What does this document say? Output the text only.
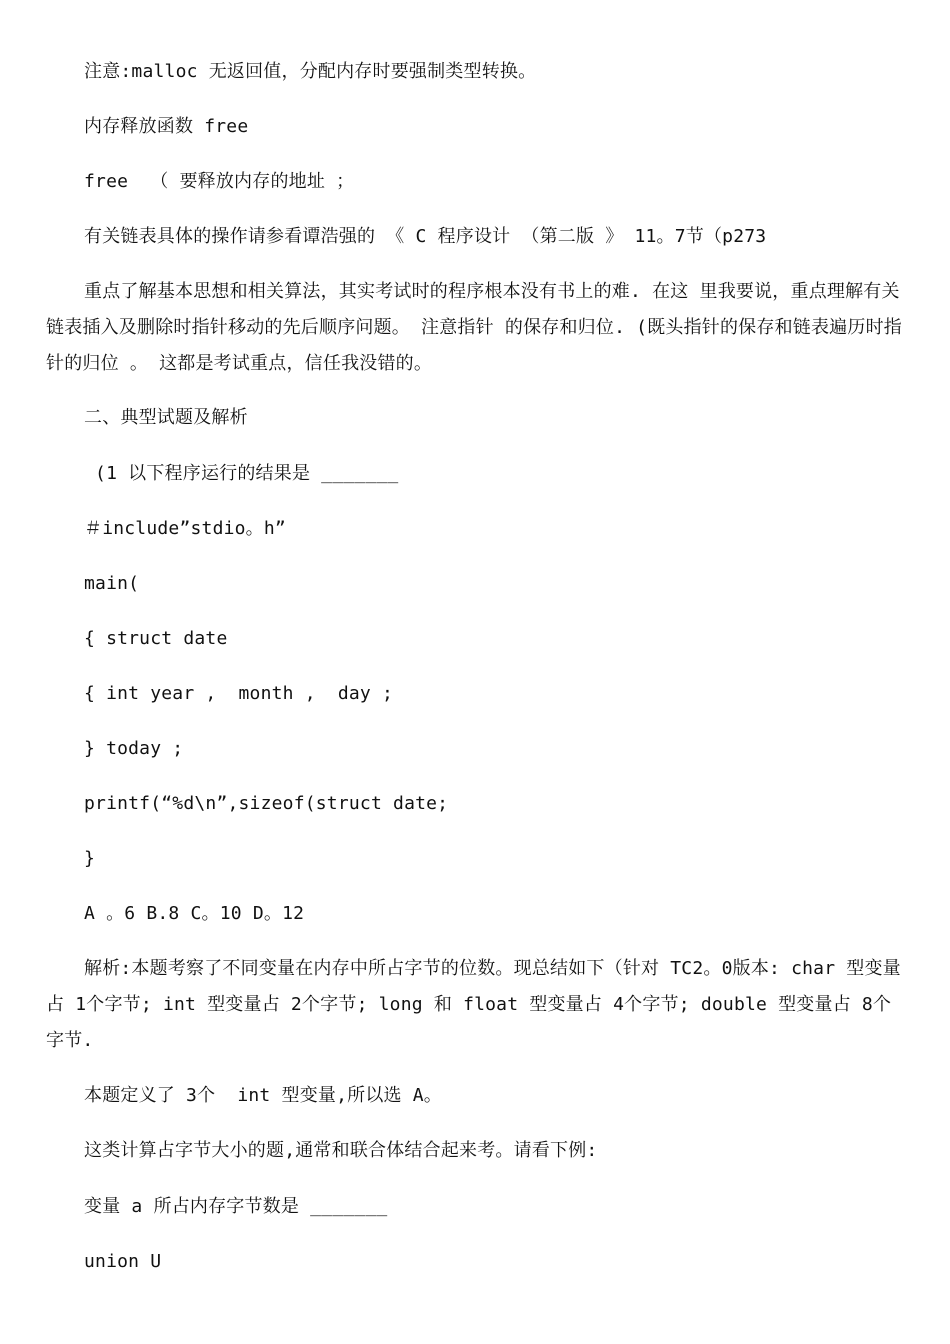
注意:malloc 无返回值，分配内存时要强制类型转换。
内存释放函数 free
free  （ 要释放内存的地址 ；
有关链表具体的操作请参看谭浩强的 《 C 程序设计 （第二版 》 11。7节（p273
重点了解基本思想和相关算法，其实考试时的程序根本没有书上的难. 在这 里我要说，重点理解有关链表插入及删除时指针移动的先后顺序问题。 注意指针 的保存和归位. (既头指针的保存和链表遍历时指针的归位 。 这都是考试重点，信任我没错的。
二、典型试题及解析
(1 以下程序运行的结果是 _______
＃include”stdio。h”
main(
{ struct date
{ int year ,  month ,  day ;
} today ;
printf(“%d\n”,sizeof(struct date;
}
A 。6 B.8 C。10 D。12
解析:本题考察了不同变量在内存中所占字节的位数。现总结如下（针对 TC2。0版本: char 型变量占 1个字节; int 型变量占 2个字节; long 和 float 型变量占 4个字节; double 型变量占 8个字节.
本题定义了 3个  int 型变量,所以选 A。
这类计算占字节大小的题,通常和联合体结合起来考。请看下例:
变量 a 所占内存字节数是 _______
union U
